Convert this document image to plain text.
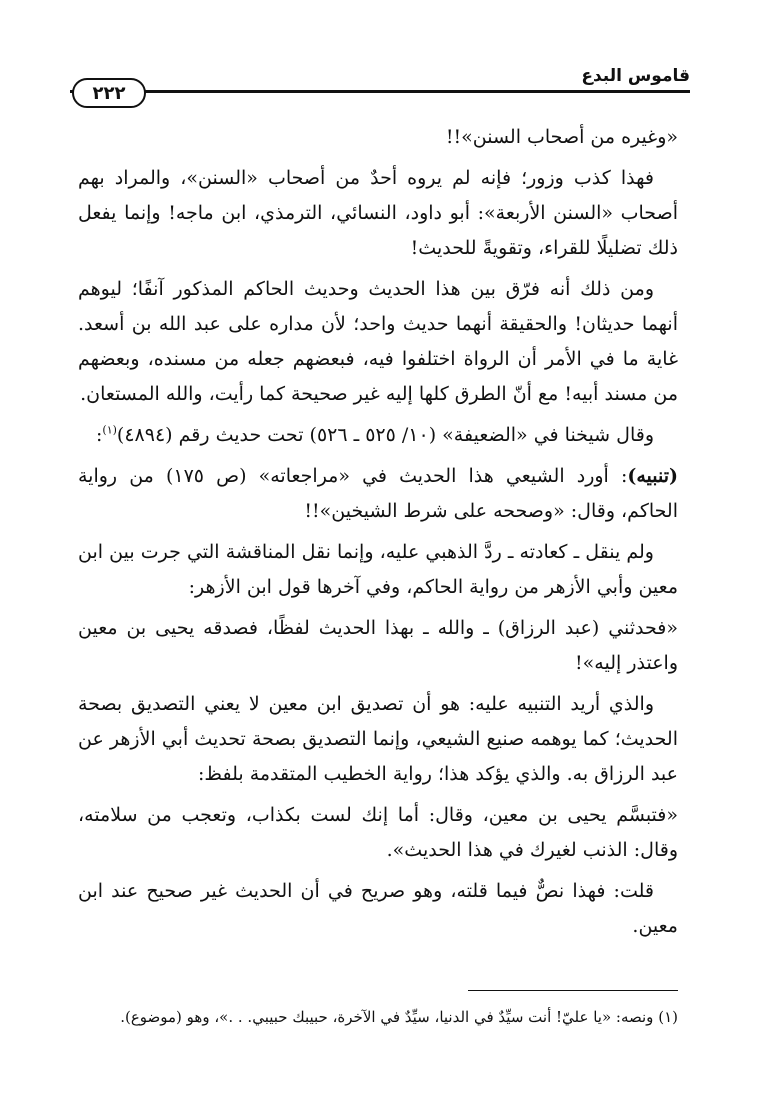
قاموس البدع
٢٢٢

«وغيره من أصحاب السنن»!!

فهذا كذب وزور؛ فإنه لم يروه أحدٌ من أصحاب «السنن»، والمراد بهم أصحاب «السنن الأربعة»: أبو داود، النسائي، الترمذي، ابن ماجه! وإنما يفعل ذلك تضليلًا للقراء، وتقويةً للحديث!

ومن ذلك أنه فرّق بين هذا الحديث وحديث الحاكم المذكور آنفًا؛ ليوهم أنهما حديثان! والحقيقة أنهما حديث واحد؛ لأن مداره على عبد الله بن أسعد. غاية ما في الأمر أن الرواة اختلفوا فيه، فبعضهم جعله من مسنده، وبعضهم من مسند أبيه! مع أنّ الطرق كلها إليه غير صحيحة كما رأيت، والله المستعان.

وقال شيخنا في «الضعيفة» (١٠/ ٥٢٥ ـ ٥٢٦) تحت حديث رقم (٤٨٩٤)$^{(١)}$:

(تنبيه): أورد الشيعي هذا الحديث في «مراجعاته» (ص ١٧٥) من رواية الحاكم، وقال: «وصححه على شرط الشيخين»!!

ولم ينقل ـ كعادته ـ ردَّ الذهبي عليه، وإنما نقل المناقشة التي جرت بين ابن معين وأبي الأزهر من رواية الحاكم، وفي آخرها قول ابن الأزهر:

«فحدثني (عبد الرزاق) ـ والله ـ بهذا الحديث لفظًا، فصدقه يحيى بن معين واعتذر إليه»!

والذي أريد التنبيه عليه: هو أن تصديق ابن معين لا يعني التصديق بصحة الحديث؛ كما يوهمه صنيع الشيعي، وإنما التصديق بصحة تحديث أبي الأزهر عن عبد الرزاق به. والذي يؤكد هذا؛ رواية الخطيب المتقدمة بلفظ:

«فتبسَّم يحيى بن معين، وقال: أما إنك لست بكذاب، وتعجب من سلامته، وقال: الذنب لغيرك في هذا الحديث».

قلت: فهذا نصٌّ فيما قلته، وهو صريح في أن الحديث غير صحيح عند ابن معين.

(١) ونصه: «يا عليّ! أنت سيِّدٌ في الدنيا، سيِّدٌ في الآخرة، حبيبك حبيبي. . .»، وهو (موضوع).
